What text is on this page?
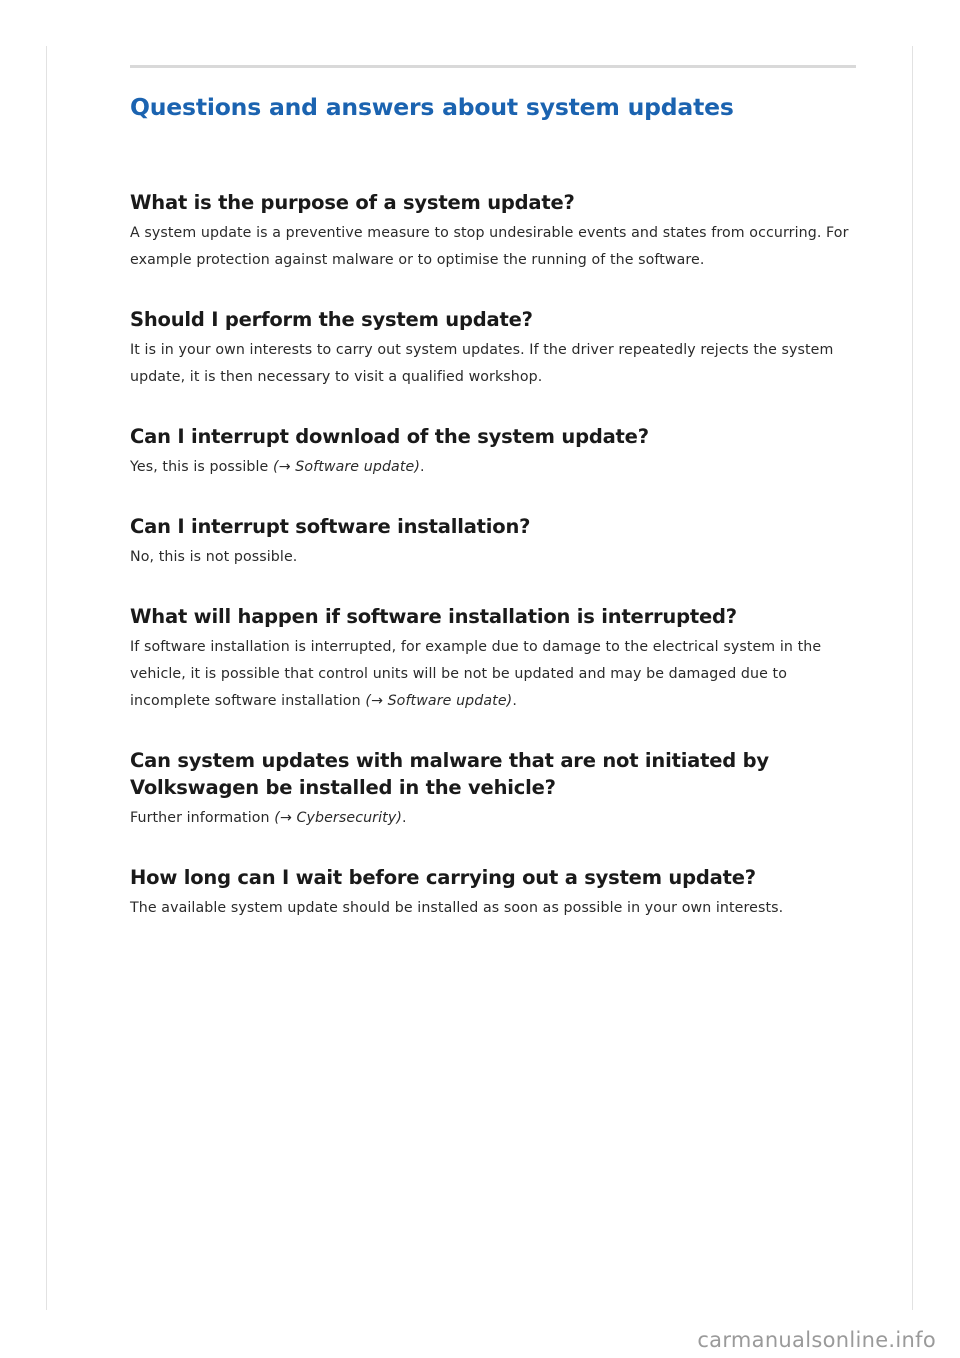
Questions and answers about system updates
What is the purpose of a system update?

A system update is a preventive measure to stop undesirable events and states from occurring. For example protection against malware or to optimise the running of the software.

Should I perform the system update?

It is in your own interests to carry out system updates. If the driver repeatedly rejects the system update, it is then necessary to visit a qualified workshop.

Can I interrupt download of the system update?

Yes, this is possible (→ Software update).

Can I interrupt software installation?

No, this is not possible.

What will happen if software installation is interrupted?

If software installation is interrupted, for example due to damage to the electrical system in the vehicle, it is possible that control units will be not be updated and may be damaged due to incomplete software installation (→ Software update).

Can system updates with malware that are not initiated by Volkswagen be installed in the vehicle?

Further information (→ Cybersecurity).

How long can I wait before carrying out a system update?

The available system update should be installed as soon as possible in your own interests.

carmanualsonline.info
